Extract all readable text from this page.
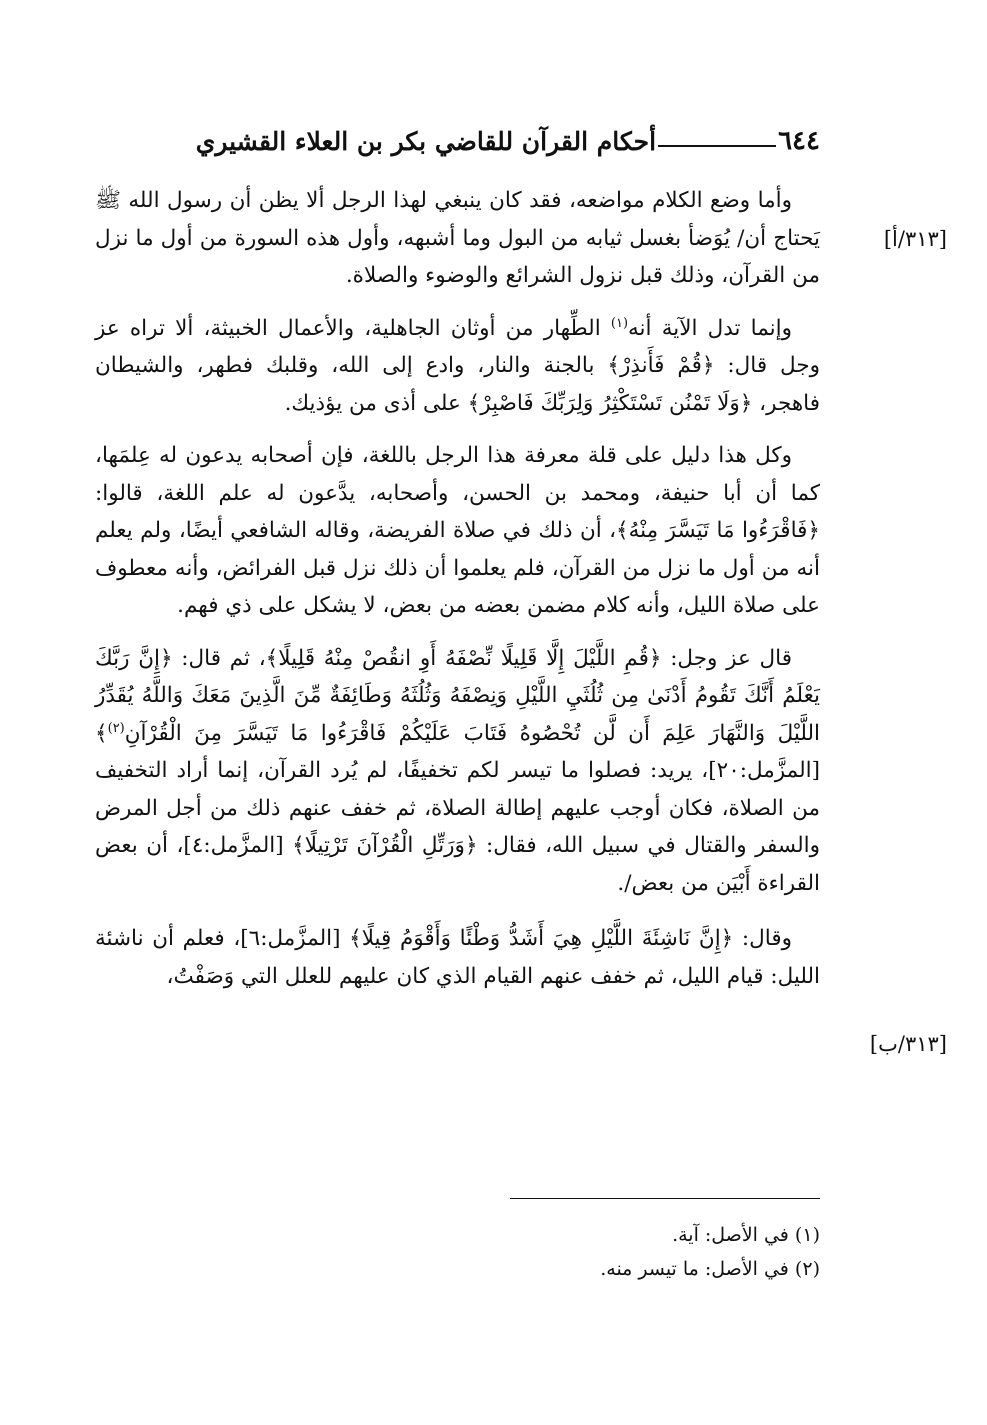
٦٤٤
أحكام القرآن للقاضي بكر بن العلاء القشيري
[٣١٣/أ]
[٣١٣/ب]

وأما وضع الكلام مواضعه، فقد كان ينبغي لهذا الرجل ألا يظن أن رسول الله ﷺ يَحتاج أن/ يُوَضأ بغسل ثيابه من البول وما أشبهه، وأول هذه السورة من أول ما نزل من القرآن، وذلك قبل نزول الشرائع والوضوء والصلاة.

وإنما تدل الآية أنه$^{(١)}$ الطِّهار من أوثان الجاهلية، والأعمال الخبيثة، ألا تراه عز وجل قال: ﴿قُمْ فَأَنذِرْ﴾ بالجنة والنار، وادع إلى الله، وقلبك فطهر، والشيطان فاهجر، ﴿وَلَا تَمْنُن تَسْتَكْثِرُ وَلِرَبِّكَ فَاصْبِرْ﴾ على أذى من يؤذيك.

وكل هذا دليل على قلة معرفة هذا الرجل باللغة، فإن أصحابه يدعون له عِلمَها، كما أن أبا حنيفة، ومحمد بن الحسن، وأصحابه، يدَّعون له علم اللغة، قالوا: ﴿فَاقْرَءُوا مَا تَيَسَّرَ مِنْهُ﴾، أن ذلك في صلاة الفريضة، وقاله الشافعي أيضًا، ولم يعلم أنه من أول ما نزل من القرآن، فلم يعلموا أن ذلك نزل قبل الفرائض، وأنه معطوف على صلاة الليل، وأنه كلام مضمن بعضه من بعض، لا يشكل على ذي فهم.

قال عز وجل: ﴿قُمِ اللَّيْلَ إِلَّا قَلِيلًا نِّصْفَهُ أَوِ انقُصْ مِنْهُ قَلِيلًا﴾، ثم قال: ﴿إِنَّ رَبَّكَ يَعْلَمُ أَنَّكَ تَقُومُ أَدْنَىٰ مِن ثُلُثَيِ اللَّيْلِ وَنِصْفَهُ وَثُلُثَهُ وَطَائِفَةٌ مِّنَ الَّذِينَ مَعَكَ وَاللَّهُ يُقَدِّرُ اللَّيْلَ وَالنَّهَارَ عَلِمَ أَن لَّن تُحْصُوهُ فَتَابَ عَلَيْكُمْ فَاقْرَءُوا مَا تَيَسَّرَ مِنَ الْقُرْآنِ$^{(٢)}$﴾[المزَّمل:٢٠]، يريد: فصلوا ما تيسر لكم تخفيفًا، لم يُرد القرآن، إنما أراد التخفيف من الصلاة، فكان أوجب عليهم إطالة الصلاة، ثم خفف عنهم ذلك من أجل المرض والسفر والقتال في سبيل الله، فقال: ﴿وَرَتِّلِ الْقُرْآنَ تَرْتِيلًا﴾ [المزَّمل:٤]، أن بعض القراءة أَبْيَن من بعض/.

وقال: ﴿إِنَّ نَاشِئَةَ اللَّيْلِ هِيَ أَشَدُّ وَطْئًا وَأَقْوَمُ قِيلًا﴾ [المزَّمل:٦]، فعلم أن ناشئة الليل: قيام الليل، ثم خفف عنهم القيام الذي كان عليهم للعلل التي وَصَفْتُ،

(١) في الأصل: آية.
(٢) في الأصل: ما تيسر منه.
